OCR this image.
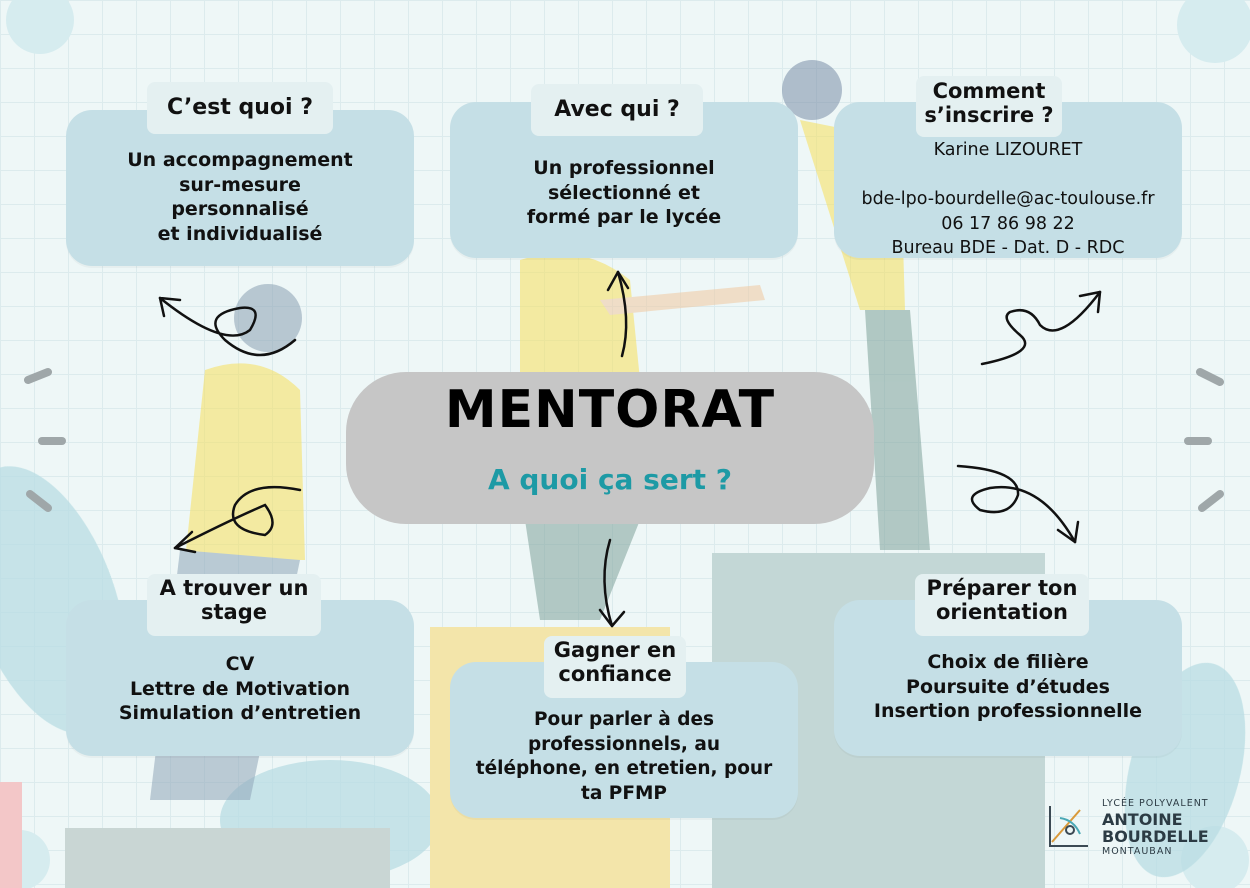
Un accompagnement
sur-mesure
personnalisé
et individualisé
C’est quoi ?
Un professionnel
sélectionné et
formé par le lycée
Avec qui ?
Karine LIZOURET

bde-lpo-bourdelle@ac-toulouse.fr
06 17 86 98 22
Bureau BDE - Dat. D - RDC
Comment
s’inscrire ?
CV
Lettre de Motivation
Simulation d’entretien
A trouver un
stage
Pour parler à des
professionnels, au
téléphone, en etretien, pour
ta PFMP
Gagner en
confiance
Choix de filière
Poursuite d’études
Insertion professionnelle
Préparer ton
orientation
MENTORAT
A quoi ça sert ?
LYCÉE POLYVALENT
ANTOINE
BOURDELLE
MONTAUBAN
